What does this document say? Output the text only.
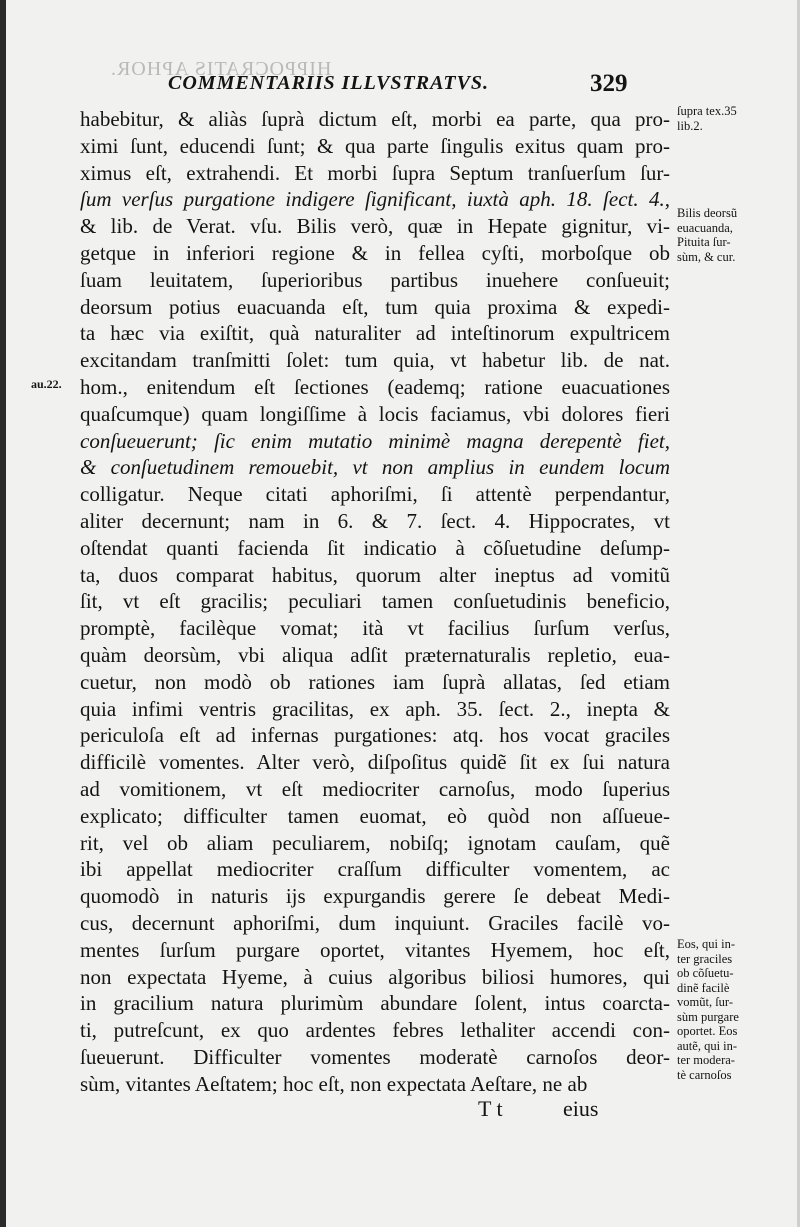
HIPPOCRATIS APHOR.
COMMENTARIIS ILLVSTRATVS.	329
au.22.
habebitur, & aliàs ſuprà dictum eſt, morbi ea parte, qua pro-
ximi ſunt, educendi ſunt; & qua parte ſingulis exitus quam pro-
ximus eſt, extrahendi. Et morbi ſupra Septum tranſuerſum ſur-
ſum verſus purgatione indigere ſignificant, iuxtà aph. 18. ſect. 4.,
& lib. de Verat. vſu. Bilis verò, quæ in Hepate gignitur, vi-
getque in inferiori regione & in fellea cyſti, morboſque ob
ſuam leuitatem, ſuperioribus partibus inuehere conſueuit;
deorsum potius euacuanda eſt, tum quia proxima & expedi-
ta hæc via exiſtit, quà naturaliter ad inteſtinorum expultricem
excitandam tranſmitti ſolet: tum quia, vt habetur lib. de nat.
hom., enitendum eſt ſectiones (eademq; ratione euacuationes
quaſcumque) quam longiſſime à locis faciamus, vbi dolores fieri
conſueuerunt; ſic enim mutatio minimè magna derepentè fiet,
& conſuetudinem remouebit, vt non amplius in eundem locum
colligatur. Neque citati aphoriſmi, ſi attentè perpendantur,
aliter decernunt; nam in 6. & 7. ſect. 4. Hippocrates, vt
oſtendat quanti facienda ſit indicatio à cõſuetudine deſump-
ta, duos comparat habitus, quorum alter ineptus ad vomitũ
ſit, vt eſt gracilis; peculiari tamen conſuetudinis beneficio,
promptè, facilèque vomat; ità vt facilius ſurſum verſus,
quàm deorsùm, vbi aliqua adſit præternaturalis repletio, eua-
cuetur, non modò ob rationes iam ſuprà allatas, ſed etiam
quia infimi ventris gracilitas, ex aph. 35. ſect. 2., inepta &
periculoſa eſt ad infernas purgationes: atq. hos vocat graciles
difficilè vomentes. Alter verò, diſpoſitus quidẽ ſit ex ſui natura
ad vomitionem, vt eſt mediocriter carnoſus, modo ſuperius
explicato; difficulter tamen euomat, eò quòd non aſſueue-
rit, vel ob aliam peculiarem, nobiſq; ignotam cauſam, quẽ
ibi appellat mediocriter craſſum difficulter vomentem, ac
quomodò in naturis ijs expurgandis gerere ſe debeat Medi-
cus, decernunt aphoriſmi, dum inquiunt. Graciles facilè vo-
mentes ſurſum purgare oportet, vitantes Hyemem, hoc eſt,
non expectata Hyeme, à cuius algoribus biliosi humores, qui
in gracilium natura plurimùm abundare ſolent, intus coarcta-
ti, putreſcunt, ex quo ardentes febres lethaliter accendi con-
ſueuerunt. Difficulter vomentes moderatè carnoſos deor-
sùm, vitantes Aeſtatem; hoc eſt, non expectata Aeſtare, ne ab
ſupra tex.35
lib.2.
Bilis deorsũ
euacuanda,
Pituita ſur-
sùm, & cur.
Eos, qui in-
ter graciles
ob cõſuetu-
dinẽ facilè
vomũt, ſur-
sùm purgare
oportet. Eos
autẽ, qui in-
ter modera-
tè carnoſos
T t	eius
